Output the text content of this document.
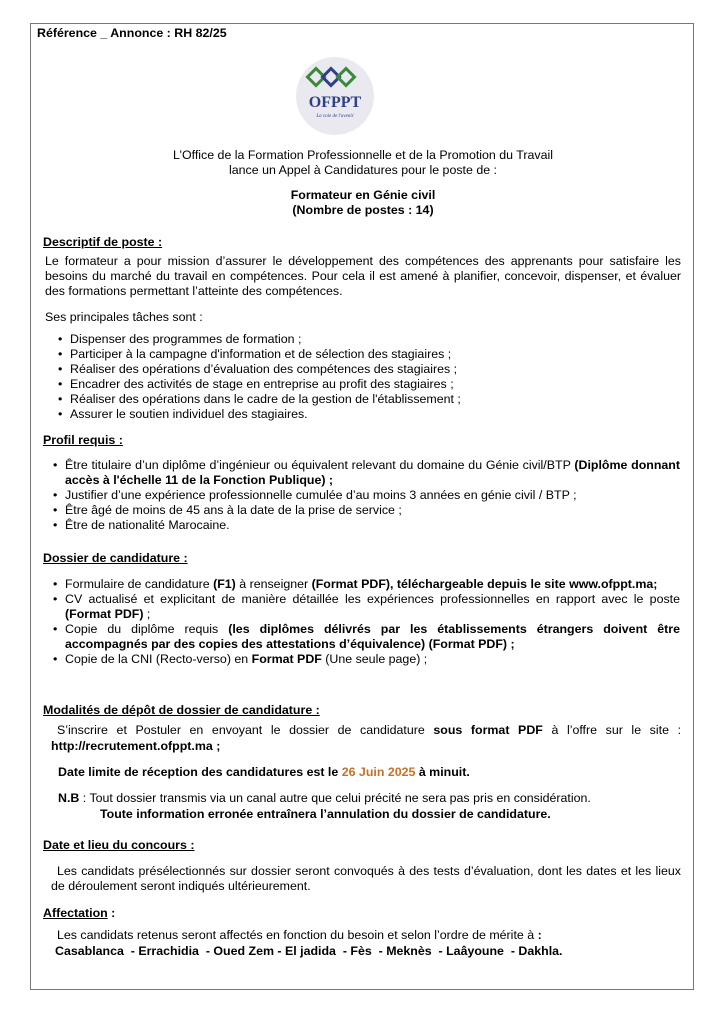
Référence _ Annonce : RH 82/25
OFPPT
La voie de l'avenir
L’Office de la Formation Professionnelle et de la Promotion du Travail
lance un Appel à Candidatures pour le poste de :
Formateur en Génie civil
(Nombre de postes : 14)
Descriptif de poste :
Le formateur a pour mission d’assurer le développement des compétences des apprenants pour satisfaire les besoins du marché du travail en compétences. Pour cela il est amené à planifier, concevoir, dispenser, et évaluer des formations permettant l’atteinte des compétences.
Ses principales tâches sont :
• Dispenser des programmes de formation ;
• Participer à la campagne d'information et de sélection des stagiaires ;
• Réaliser des opérations d’évaluation des compétences des stagiaires ;
• Encadrer des activités de stage en entreprise au profit des stagiaires ;
• Réaliser des opérations dans le cadre de la gestion de l'établissement ;
• Assurer le soutien individuel des stagiaires.
Profil requis :
• Être titulaire d’un diplôme d’ingénieur ou équivalent relevant du domaine du Génie civil/BTP (Diplôme donnant accès à l'échelle 11 de la Fonction Publique) ;
• Justifier d’une expérience professionnelle cumulée d’au moins 3 années en génie civil / BTP ;
• Être âgé de moins de 45 ans à la date de la prise de service ;
• Être de nationalité Marocaine.
Dossier de candidature :
• Formulaire de candidature (F1) à renseigner (Format PDF), téléchargeable depuis le site www.ofppt.ma;
• CV actualisé et explicitant de manière détaillée les expériences professionnelles en rapport avec le poste (Format PDF) ;
• Copie du diplôme requis (les diplômes délivrés par les établissements étrangers doivent être accompagnés par des copies des attestations d’équivalence) (Format PDF) ;
• Copie de la CNI (Recto-verso) en Format PDF (Une seule page) ;
Modalités de dépôt de dossier de candidature :
S’inscrire et Postuler en envoyant le dossier de candidature sous format PDF à l’offre sur le site :
http://recrutement.ofppt.ma ;
Date limite de réception des candidatures est le 26 Juin 2025 à minuit.
N.B : Tout dossier transmis via un canal autre que celui précité ne sera pas pris en considération.
Toute information erronée entraînera l’annulation du dossier de candidature.
Date et lieu du concours :
Les candidats présélectionnés sur dossier seront convoqués à des tests d’évaluation, dont les dates et les lieux de déroulement seront indiqués ultérieurement.
Affectation :
Les candidats retenus seront affectés en fonction du besoin et selon l’ordre de mérite à :
Casablanca  - Errachidia  - Oued Zem - El jadida  - Fès  - Meknès  - Laâyoune  - Dakhla.
